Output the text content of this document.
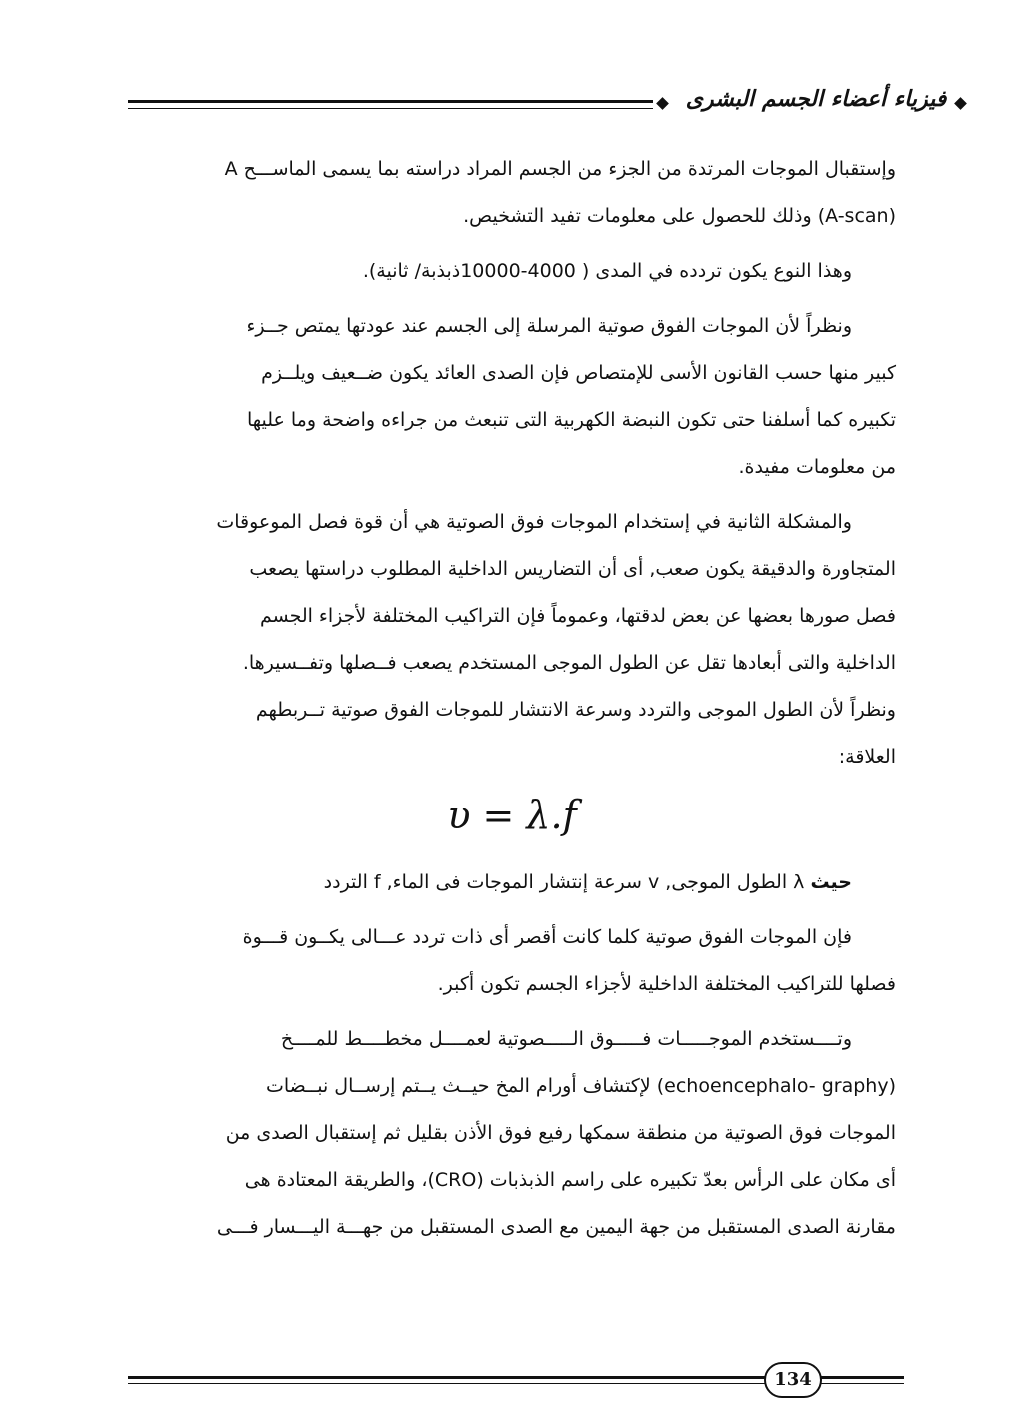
فيزياء أعضاء الجسم البشرى

وإستقبال الموجات المرتدة من الجزء من الجسم المراد دراسته بما يسمى الماســـح A

(A-scan) وذلك للحصول على معلومات تفيد التشخيص.

وهذا النوع يكون تردده في المدى ( 4000-10000ذبذبة/ ثانية).

ونظراً لأن الموجات الفوق صوتية المرسلة إلى الجسم عند عودتها يمتص جــزء

كبير منها حسب القانون الأسى للإمتصاص فإن الصدى العائد يكون ضــعيف ويلــزم

تكبيره كما أسلفنا حتى تكون النبضة الكهربية التى تنبعث من جراءه واضحة وما عليها

من معلومات مفيدة.

والمشكلة الثانية في إستخدام الموجات فوق الصوتية هي أن قوة فصل الموعوقات

المتجاورة والدقيقة يكون صعب, أى أن التضاريس الداخلية المطلوب دراستها يصعب

فصل صورها بعضها عن بعض لدقتها، وعموماً فإن التراكيب المختلفة لأجزاء الجسم

الداخلية والتى أبعادها تقل عن الطول الموجى المستخدم يصعب فــصلها وتفــسيرها.

ونظراً لأن الطول الموجى والتردد وسرعة الانتشار للموجات الفوق صوتية تــربطهم

العلاقة:

υ = λ.f

حيث λ الطول الموجى, v سرعة إنتشار الموجات فى الماء, f التردد

فإن الموجات الفوق صوتية كلما كانت أقصر أى ذات تردد عـــالى يكــون قـــوة

فصلها للتراكيب المختلفة الداخلية لأجزاء الجسم تكون أكبر.

وتــــستخدم الموجـــــات فـــــوق الـــــصوتية لعمــــل مخطــــط للمــــخ

(echoencephalo- graphy) لإكتشاف أورام المخ حيــث يــتم إرســال نبــضات

الموجات فوق الصوتية من منطقة سمكها رفيع فوق الأذن بقليل ثم إستقبال الصدى من

أى مكان على الرأس بعدّ تكبيره على راسم الذبذبات (CRO)، والطريقة المعتادة هى

مقارنة الصدى المستقبل من جهة اليمين مع الصدى المستقبل من جهـــة اليـــسار فـــى

134
